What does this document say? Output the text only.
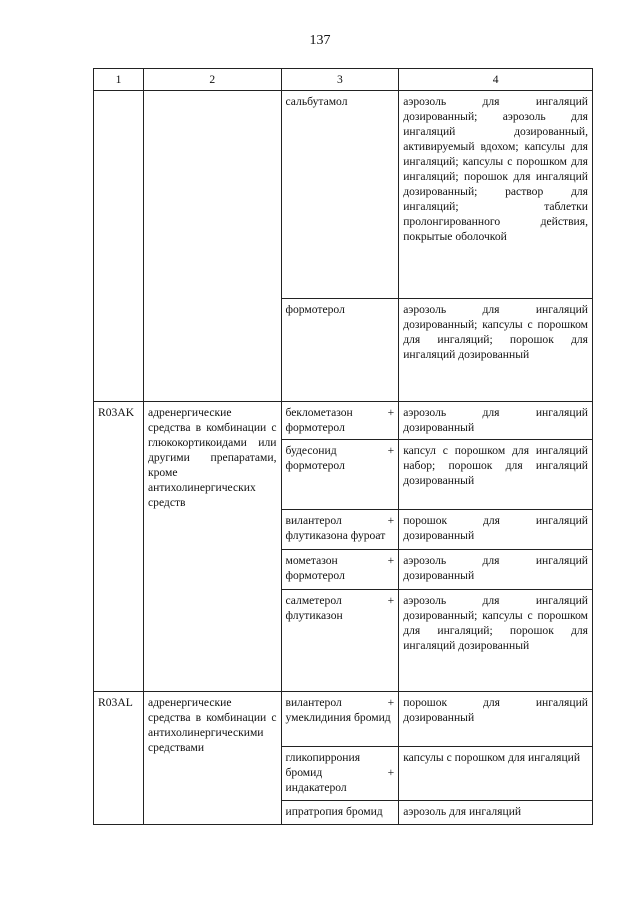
137
1	2	3	4
		сальбутамол	аэрозоль для ингаляций дозированный; аэрозоль для ингаляций дозированный, активируемый вдохом; капсулы для ингаляций; капсулы с порошком для ингаляций; порошок для ингаляций дозированный; раствор для ингаляций; таблетки пролонгированного действия, покрытые оболочкой
		формотерол	аэрозоль для ингаляций дозированный; капсулы с порошком для ингаляций; порошок для ингаляций дозированный
R03AK	адренергические средства в комбинации с глюкокортикоидами или другими препаратами, кроме антихолинергических средств	беклометазон + формотерол	аэрозоль для ингаляций дозированный
		будесонид + формотерол	капсул с порошком для ингаляций набор; порошок для ингаляций дозированный
		вилантерол + флутиказона фуроат	порошок для ингаляций дозированный
		мометазон + формотерол	аэрозоль для ингаляций дозированный
		салметерол + флутиказон	аэрозоль для ингаляций дозированный; капсулы с порошком для ингаляций; порошок для ингаляций дозированный
R03AL	адренергические средства в комбинации с антихолинергическими средствами	вилантерол + умеклидиния бромид	порошок для ингаляций дозированный
		гликопиррония бромид + индакатерол	капсулы с порошком для ингаляций
		ипратропия бромид	аэрозоль для ингаляций
